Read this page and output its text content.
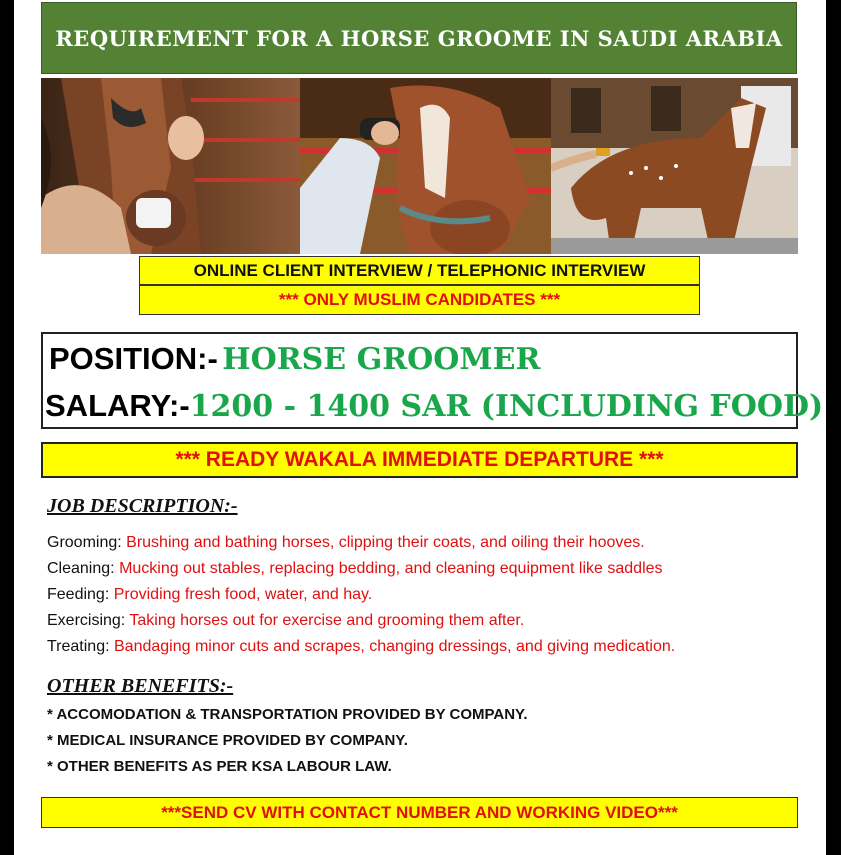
REQUIREMENT FOR A HORSE GROOME IN SAUDI ARABIA
ONLINE CLIENT INTERVIEW / TELEPHONIC INTERVIEW
*** ONLY MUSLIM CANDIDATES ***
POSITION:- HORSE GROOMER
SALARY:-1200 - 1400 SAR (INCLUDING FOOD)
*** READY WAKALA IMMEDIATE DEPARTURE ***
JOB DESCRIPTION:-
Grooming: Brushing and bathing horses, clipping their coats, and oiling their hooves.
Cleaning: Mucking out stables, replacing bedding, and cleaning equipment like saddles
Feeding: Providing fresh food, water, and hay.
Exercising: Taking horses out for exercise and grooming them after.
Treating: Bandaging minor cuts and scrapes, changing dressings, and giving medication.
OTHER BENEFITS:-
* ACCOMODATION & TRANSPORTATION PROVIDED BY COMPANY.
* MEDICAL INSURANCE PROVIDED BY COMPANY.
* OTHER BENEFITS AS PER KSA LABOUR LAW.
***SEND CV WITH CONTACT NUMBER AND WORKING VIDEO***
